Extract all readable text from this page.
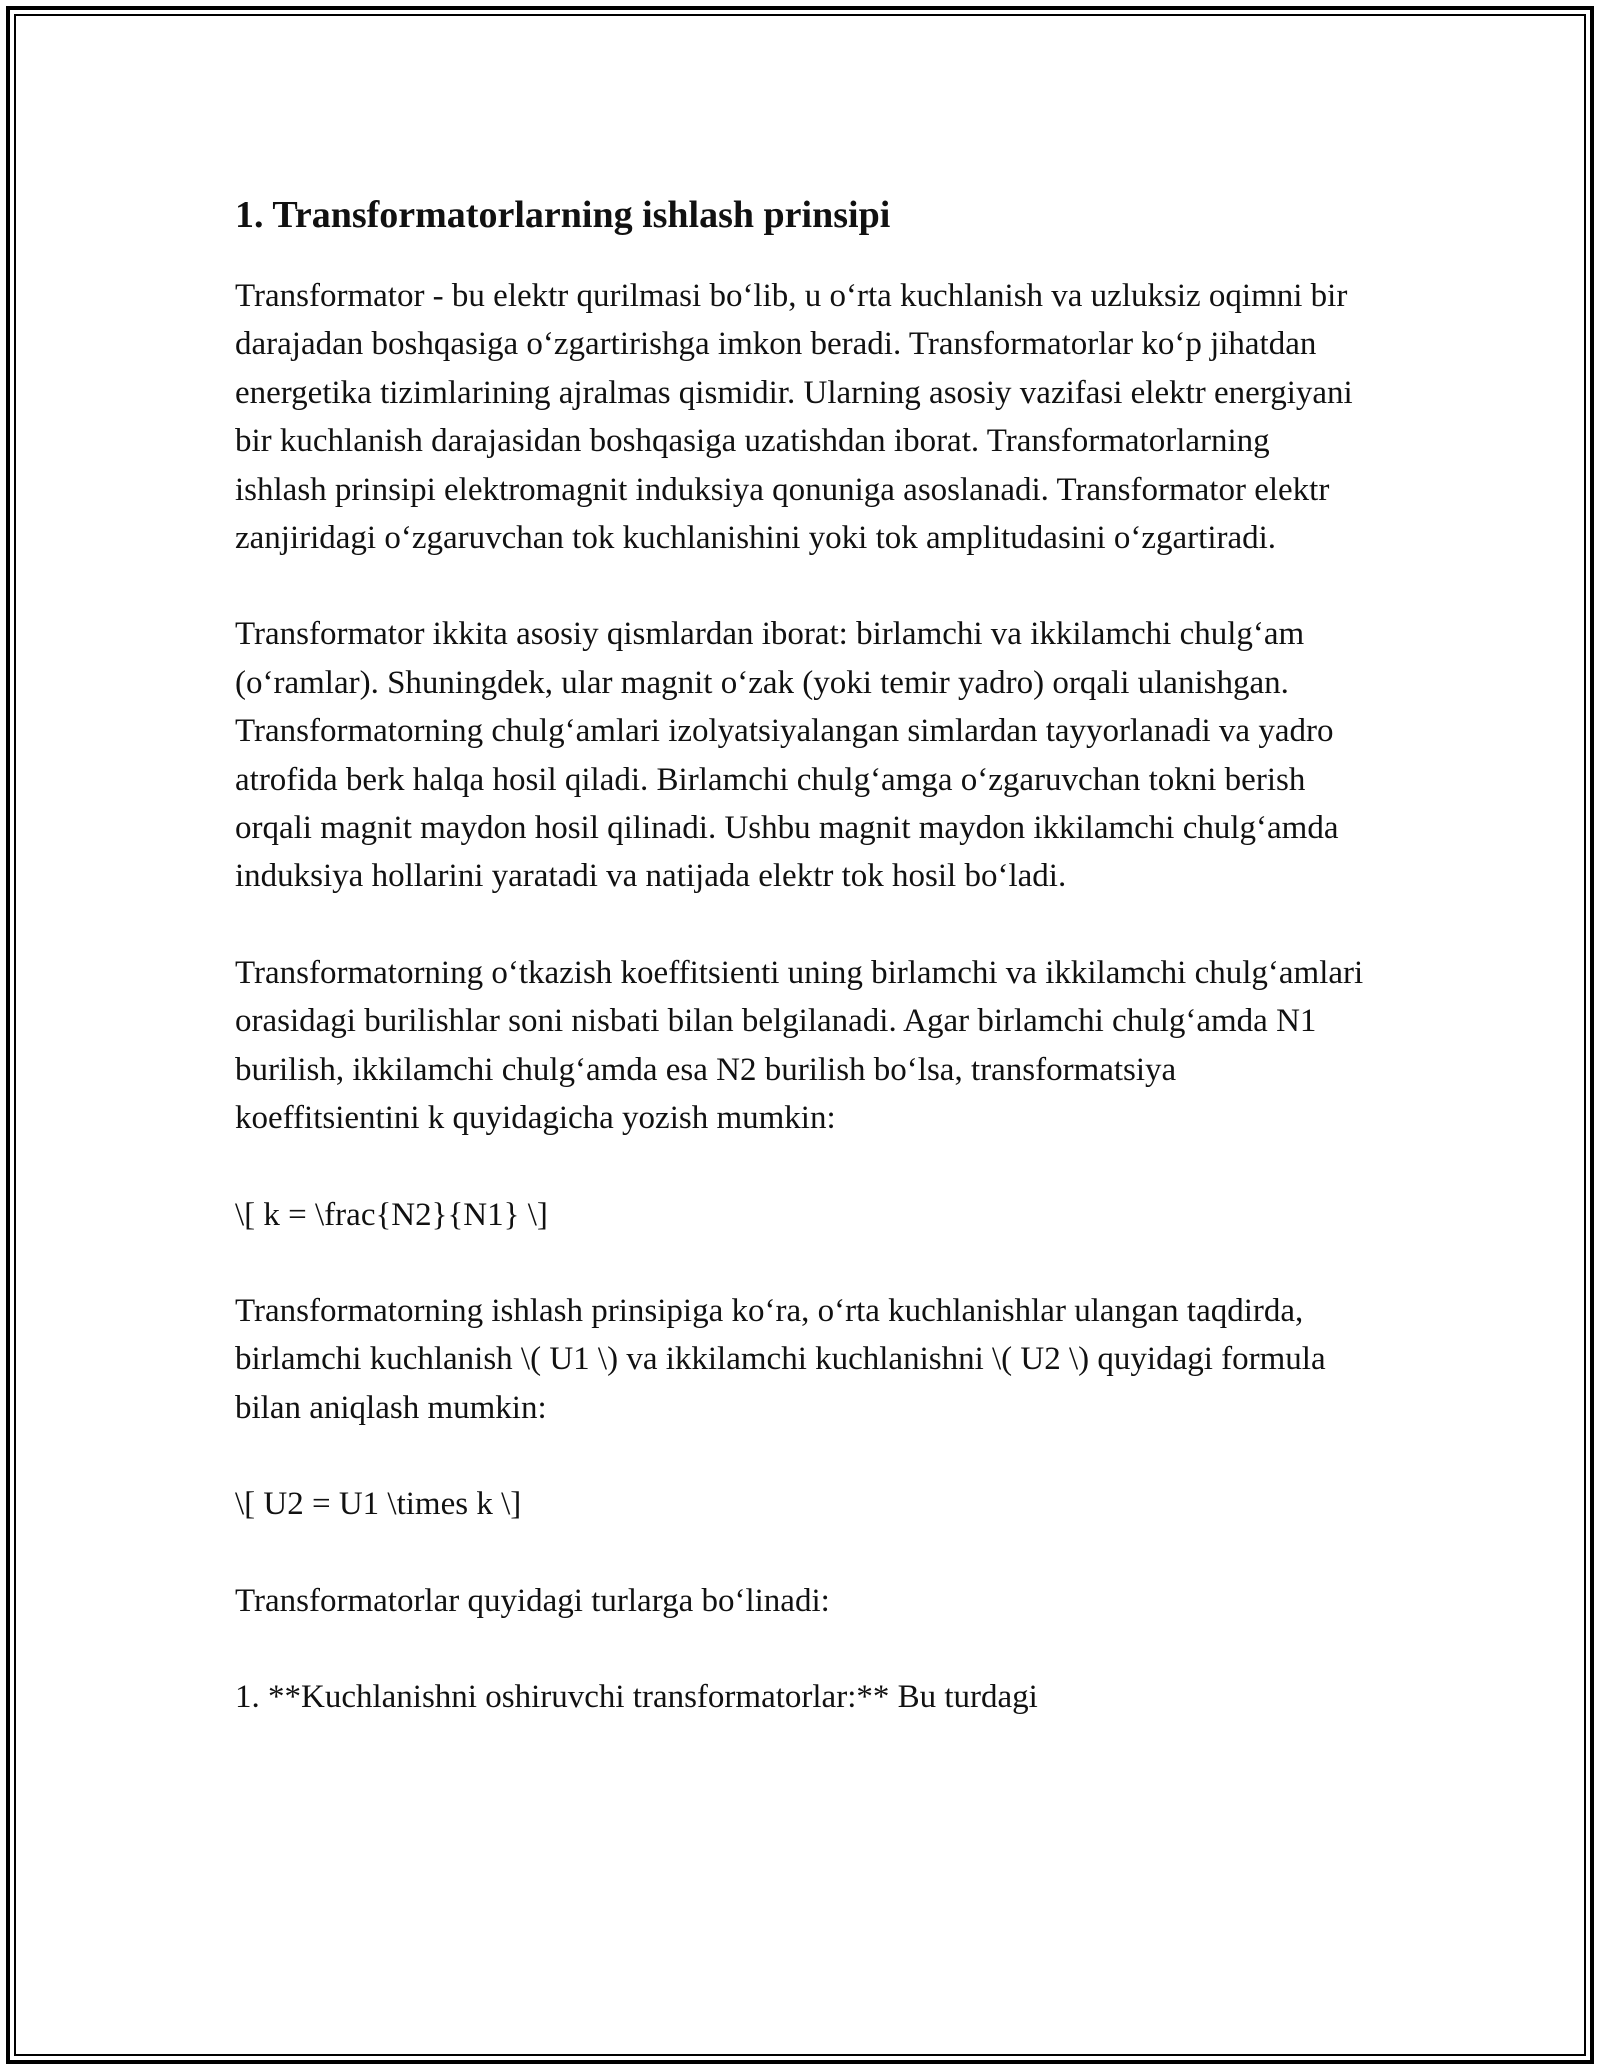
1. Transformatorlarning ishlash prinsipi

Transformator - bu elektr qurilmasi bo‘lib, u o‘rta kuchlanish va uzluksiz oqimni bir darajadan boshqasiga o‘zgartirishga imkon beradi. Transformatorlar ko‘p jihatdan energetika tizimlarining ajralmas qismidir. Ularning asosiy vazifasi elektr energiyani bir kuchlanish darajasidan boshqasiga uzatishdan iborat. Transformatorlarning ishlash prinsipi elektromagnit induksiya qonuniga asoslanadi. Transformator elektr zanjiridagi o‘zgaruvchan tok kuchlanishini yoki tok amplitudasini o‘zgartiradi.

Transformator ikkita asosiy qismlardan iborat: birlamchi va ikkilamchi chulg‘am (o‘ramlar). Shuningdek, ular magnit o‘zak (yoki temir yadro) orqali ulanishgan. Transformatorning chulg‘amlari izolyatsiyalangan simlardan tayyorlanadi va yadro atrofida berk halqa hosil qiladi. Birlamchi chulg‘amga o‘zgaruvchan tokni berish orqali magnit maydon hosil qilinadi. Ushbu magnit maydon ikkilamchi chulg‘amda induksiya hollarini yaratadi va natijada elektr tok hosil bo‘ladi.

Transformatorning o‘tkazish koeffitsienti uning birlamchi va ikkilamchi chulg‘amlari orasidagi burilishlar soni nisbati bilan belgilanadi. Agar birlamchi chulg‘amda N1 burilish, ikkilamchi chulg‘amda esa N2 burilish bo‘lsa, transformatsiya koeffitsientini k quyidagicha yozish mumkin:

\[ k = \frac{N2}{N1} \]

Transformatorning ishlash prinsipiga ko‘ra, o‘rta kuchlanishlar ulangan taqdirda, birlamchi kuchlanish \( U1 \) va ikkilamchi kuchlanishni \( U2 \) quyidagi formula bilan aniqlash mumkin:

\[ U2 = U1 \times k \]

Transformatorlar quyidagi turlarga bo‘linadi:

1. **Kuchlanishni oshiruvchi transformatorlar:** Bu turdagi
